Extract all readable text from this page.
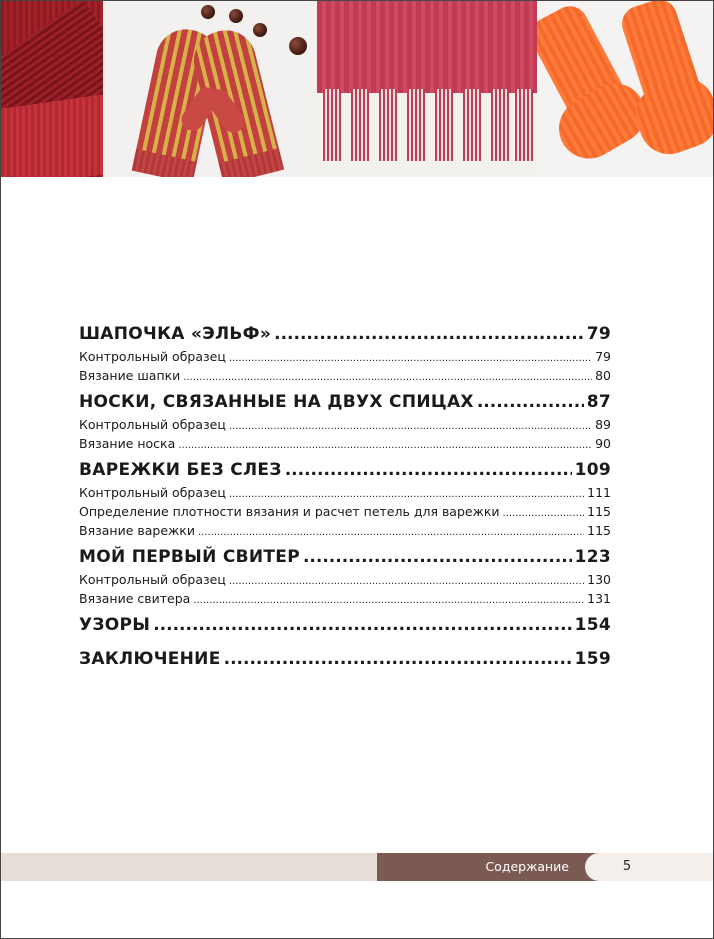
ШАПОЧКА «ЭЛЬФ» .....	79
Контрольный образец .....	79
Вязание шапки .....	80
НОСКИ, СВЯЗАННЫЕ НА ДВУХ СПИЦАХ .....	87
Контрольный образец .....	89
Вязание носка .....	90
ВАРЕЖКИ БЕЗ СЛЕЗ .....	109
Контрольный образец .....	111
Определение плотности вязания и расчет петель для варежки .....	115
Вязание варежки .....	115
МОЙ ПЕРВЫЙ СВИТЕР .....	123
Контрольный образец .....	130
Вязание свитера .....	131
УЗОРЫ .....	154
ЗАКЛЮЧЕНИЕ .....	159
Содержание	5
